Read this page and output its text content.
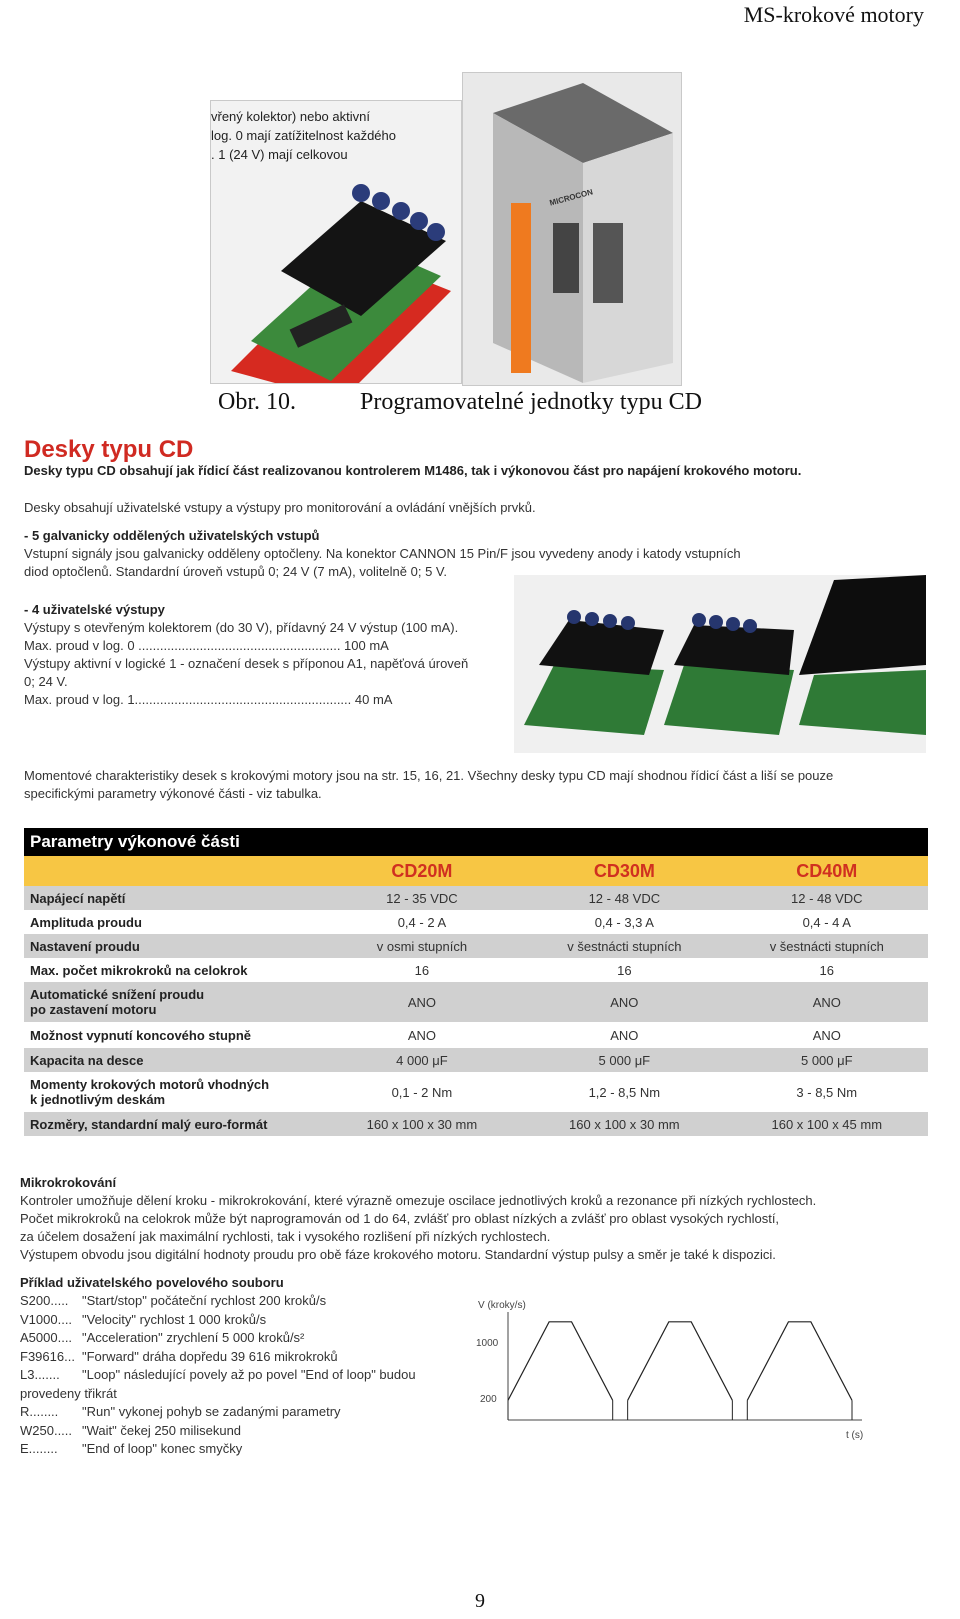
MS-krokové motory
vřený kolektor) nebo aktivní
log. 0 mají zatížitelnost každého
. 1 (24 V) mají celkovou
MICROCON
Obr. 10.	Programovatelné jednotky typu CD
Desky typu CD
Desky typu CD obsahují jak řídicí část realizovanou kontrolerem M1486, tak i výkonovou část pro napájení krokového motoru.
Desky obsahují uživatelské vstupy a výstupy pro monitorování a ovládání vnějších prvků.
- 5 galvanicky oddělených uživatelských vstupů
Vstupní signály jsou galvanicky odděleny optočleny. Na konektor CANNON 15 Pin/F jsou vyvedeny anody i katody vstupních
diod optočlenů. Standardní úroveň vstupů 0; 24 V (7 mA), volitelně 0; 5 V.
- 4 uživatelské výstupy
Výstupy s otevřeným kolektorem (do 30 V), přídavný 24 V výstup (100 mA).
Max. proud v log. 0 ........................................................ 100 mA
Výstupy aktivní v logické 1 - označení desek s příponou A1, napěťová úroveň
0; 24 V.
Max. proud v log. 1............................................................ 40 mA
Momentové charakteristiky desek s krokovými motory jsou na str. 15, 16, 21. Všechny desky typu CD mají shodnou řídicí část a liší se pouze
specifickými parametry výkonové části - viz tabulka.
Parametry výkonové části			
	CD20M	CD30M	CD40M
Napájecí napětí	12 - 35 VDC	12 - 48 VDC	12 - 48 VDC
Amplituda proudu	0,4 - 2 A	0,4 - 3,3 A	0,4 - 4 A
Nastavení proudu	v osmi stupních	v šestnácti stupních	v šestnácti stupních
Max. počet mikrokroků na celokrok	16	16	16

Automatické snížení proudu
po zastavení motoru	ANO	ANO	ANO
Možnost vypnutí koncového stupně	ANO	ANO	ANO
Kapacita na desce	4 000 μF	5 000 μF	5 000 μF

Momenty krokových motorů vhodných
k jednotlivým deskám	0,1 - 2 Nm	1,2 - 8,5 Nm	3 - 8,5 Nm
Rozměry, standardní malý euro-formát	160 x 100 x 30 mm	160 x 100 x 30 mm	160 x 100 x 45 mm
Mikrokrokování
Kontroler umožňuje dělení kroku - mikrokrokování, které výrazně omezuje oscilace jednotlivých kroků a rezonance při nízkých rychlostech.
Počet mikrokroků na celokrok může být naprogramován od 1 do 64, zvlášť pro oblast nízkých a zvlášť pro oblast vysokých rychlostí,
za účelem dosažení jak maximální rychlosti, tak i vysokého rozlišení při nízkých rychlostech.
Výstupem obvodu jsou digitální hodnoty proudu pro obě fáze krokového motoru. Standardní výstup pulsy a směr je také k dispozici.
Příklad uživatelského povelového souboru
S200..... "Start/stop" počáteční rychlost 200 kroků/s
V1000.... "Velocity" rychlost 1 000 kroků/s
A5000.... "Acceleration" zrychlení 5 000 kroků/s²
F39616... "Forward" dráha dopředu 39 616 mikrokroků
L3....... "Loop" následující povely až po povel "End of loop" budou
provedeny třikrát
R........ "Run" vykonej pohyb se zadanými parametry
W250..... "Wait" čekej 250 milisekund
E........ "End of loop" konec smyčky
V (kroky/s)
t (s)
1000
200
9
